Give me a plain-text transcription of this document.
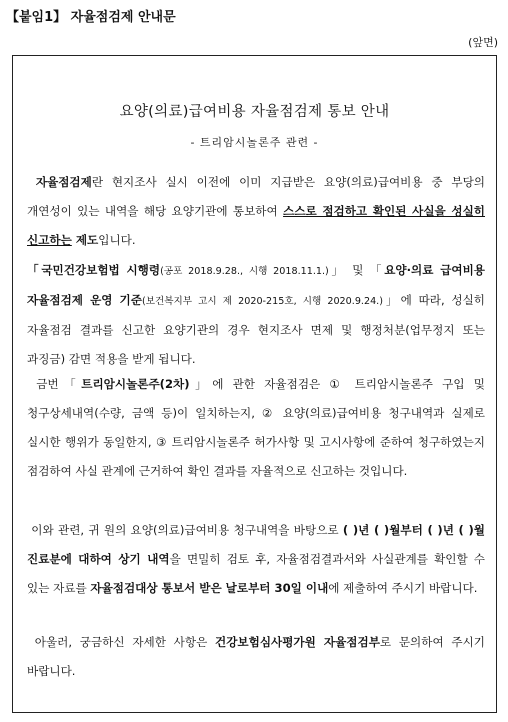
【붙임1】 자율점검제 안내문
(앞면)
요양(의료)급여비용 자율점검제 통보 안내
- 트리암시놀론주 관련 -

자율점검제란 현지조사 실시 이전에 이미 지급받은 요양(의료)급여비용 중 부당의 개연성이 있는 내역을 해당 요양기관에 통보하여 스스로 점검하고 확인된 사실을 성실히 신고하는 제도입니다.

「국민건강보험법 시행령(공포 2018.9.28., 시행 2018.11.1.)」 및 「요양·의료 급여비용 자율점검제 운영 기준(보건복지부 고시 제 2020-215호, 시행 2020.9.24.)」에 따라, 성실히 자율점검 결과를 신고한 요양기관의 경우 현지조사 면제 및 행정처분(업무정지 또는 과징금) 감면 적용을 받게 됩니다.

금번「트리암시놀론주(2차)」에 관한 자율점검은 ① 트리암시놀론주 구입 및 청구상세내역(수량, 금액 등)이 일치하는지, ② 요양(의료)급여비용 청구내역과 실제로 실시한 행위가 동일한지, ③ 트리암시놀론주 허가사항 및 고시사항에 준하여 청구하였는지 점검하여 사실 관계에 근거하여 확인 결과를 자율적으로 신고하는 것입니다.

이와 관련, 귀 원의 요양(의료)급여비용 청구내역을 바탕으로 ( )년 ( )월부터 ( )년 ( )월 진료분에 대하여 상기 내역을 면밀히 검토 후, 자율점검결과서와 사실관계를 확인할 수 있는 자료를 자율점검대상 통보서 받은 날로부터 30일 이내에 제출하여 주시기 바랍니다.

아울러, 궁금하신 자세한 사항은 건강보험심사평가원 자율점검부로 문의하여 주시기 바랍니다.
